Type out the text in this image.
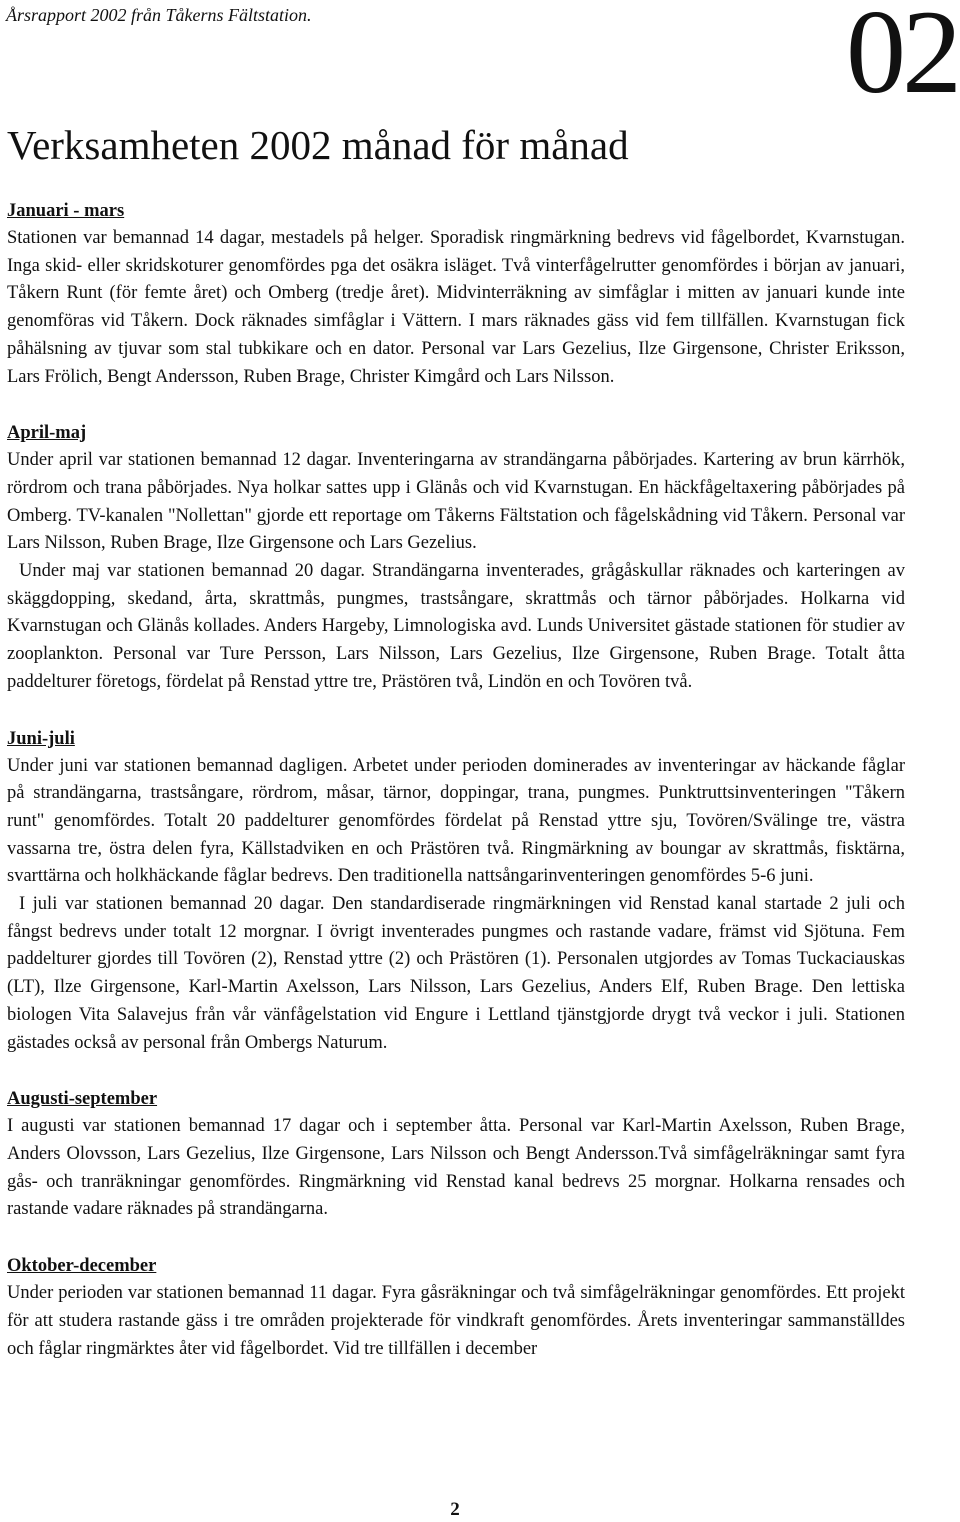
Årsrapport 2002 från Tåkerns Fältstation.	02
Verksamheten 2002 månad för månad
Januari - mars

Stationen var bemannad 14 dagar, mestadels på helger. Sporadisk ringmärkning bedrevs vid fågelbordet, Kvarnstugan. Inga skid- eller skridskoturer genomfördes pga det osäkra isläget. Två vinterfågelrutter genomfördes i början av januari, Tåkern Runt (för femte året) och Omberg (tredje året). Midvinterräkning av simfåglar i mitten av januari kunde inte genomföras vid Tåkern. Dock räknades simfåglar i Vättern. I mars räknades gäss vid fem tillfällen. Kvarnstugan fick påhälsning av tjuvar som stal tubkikare och en dator. Personal var Lars Gezelius, Ilze Girgensone, Christer Eriksson, Lars Frölich, Bengt Andersson, Ruben Brage, Christer Kimgård och Lars Nilsson.

April-maj

Under april var stationen bemannad 12 dagar. Inventeringarna av strandängarna påbörjades. Kartering av brun kärrhök, rördrom och trana påbörjades. Nya holkar sattes upp i Glänås och vid Kvarnstugan. En häckfågeltaxering påbörjades på Omberg. TV-kanalen "Nollettan" gjorde ett reportage om Tåkerns Fältstation och fågelskådning vid Tåkern. Personal var Lars Nilsson, Ruben Brage, Ilze Girgensone och Lars Gezelius.

Under maj var stationen bemannad 20 dagar. Strandängarna inventerades, grågåskullar räknades och karteringen av skäggdopping, skedand, årta, skrattmås, pungmes, trastsångare, skrattmås och tärnor påbörjades. Holkarna vid Kvarnstugan och Glänås kollades. Anders Hargeby, Limnologiska avd. Lunds Universitet gästade stationen för studier av zooplankton. Personal var Ture Persson, Lars Nilsson, Lars Gezelius, Ilze Girgensone, Ruben Brage. Totalt åtta paddelturer företogs, fördelat på Renstad yttre tre, Prästören två, Lindön en och Tovören två.

Juni-juli

Under juni var stationen bemannad dagligen. Arbetet under perioden dominerades av inventeringar av häckande fåglar på strandängarna, trastsångare, rördrom, måsar, tärnor, doppingar, trana, pungmes. Punktruttsinventeringen "Tåkern runt" genomfördes. Totalt 20 paddelturer genomfördes fördelat på Renstad yttre sju, Tovören/Svälinge tre, västra vassarna tre, östra delen fyra, Källstadviken en och Prästören två. Ringmärkning av boungar av skrattmås, fisktärna, svarttärna och holkhäckande fåglar bedrevs. Den traditionella nattsångarinventeringen genomfördes 5-6 juni.

I juli var stationen bemannad 20 dagar. Den standardiserade ringmärkningen vid Renstad kanal startade 2 juli och fångst bedrevs under totalt 12 morgnar. I övrigt inventerades pungmes och rastande vadare, främst vid Sjötuna. Fem paddelturer gjordes till Tovören (2), Renstad yttre (2) och Prästören (1). Personalen utgjordes av Tomas Tuckaciauskas (LT), Ilze Girgensone, Karl-Martin Axelsson, Lars Nilsson, Lars Gezelius, Anders Elf, Ruben Brage. Den lettiska biologen Vita Salavejus från vår vänfågelstation vid Engure i Lettland tjänstgjorde drygt två veckor i juli. Stationen gästades också av personal från Ombergs Naturum.

Augusti-september

I augusti var stationen bemannad 17 dagar och i september åtta. Personal var Karl-Martin Axelsson, Ruben Brage, Anders Olovsson, Lars Gezelius, Ilze Girgensone, Lars Nilsson och Bengt Andersson.Två simfågelräkningar samt fyra gås- och tranräkningar genomfördes. Ringmärkning vid Renstad kanal bedrevs 25 morgnar. Holkarna rensades och rastande vadare räknades på strandängarna.

Oktober-december

Under perioden var stationen bemannad 11 dagar. Fyra gåsräkningar och två simfågelräkningar genomfördes. Ett projekt för att studera rastande gäss i tre områden projekterade för vindkraft genomfördes. Årets inventeringar sammanställdes och fåglar ringmärktes åter vid fågelbordet. Vid tre tillfällen i december

2
